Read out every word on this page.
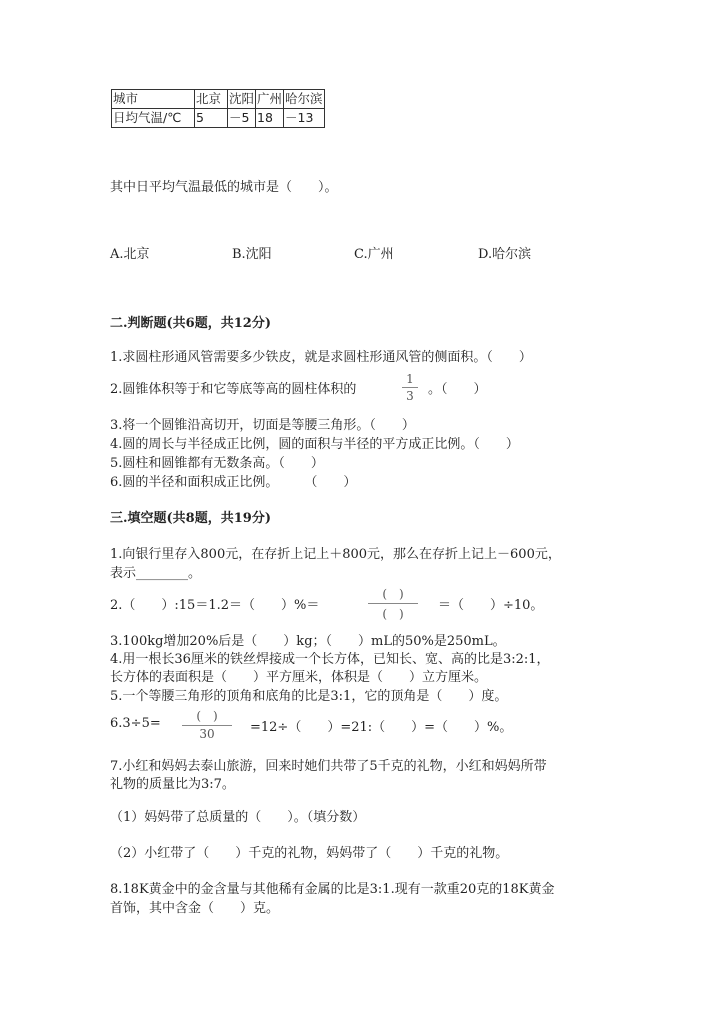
城市	北京	沈阳	广州	哈尔滨
日均气温/℃	5	－5	18	－13
其中日平均气温最低的城市是（　　）。
A.北京	B.沈阳	C.广州	D.哈尔滨
二.判断题(共6题，共12分)
1.求圆柱形通风管需要多少铁皮，就是求圆柱形通风管的侧面积。（　　）
2.圆锥体积等于和它等底等高的圆柱体积的
1
3	。（　　）
3.将一个圆锥沿高切开，切面是等腰三角形。（　　）
4.圆的周长与半径成正比例，圆的面积与半径的平方成正比例。（　　）
5.圆柱和圆锥都有无数条高。（　　）
6.圆的半径和面积成正比例。　　　（　　）
三.填空题(共8题，共19分)
1.向银行里存入800元，在存折上记上＋800元，那么在存折上记上－600元，
表示________。
2.（　　）:15＝1.2＝（　　）%＝
(　)
(　)
＝（　　）÷10。
3.100kg增加20%后是（　　）kg；（　　）mL的50%是250mL。
4.用一根长36厘米的铁丝焊接成一个长方体，已知长、宽、高的比是3:2:1，
长方体的表面积是（　　）平方厘米，体积是（　　）立方厘米。
5.一个等腰三角形的顶角和底角的比是3:1，它的顶角是（　　）度。
6.3÷5=	(　)
30	=12÷（　　）=21:（　　）=（　　）%。
7.小红和妈妈去泰山旅游，回来时她们共带了5千克的礼物，小红和妈妈所带
礼物的质量比为3:7。
（1）妈妈带了总质量的（　　）。（填分数）
（2）小红带了（　　）千克的礼物，妈妈带了（　　）千克的礼物。
8.18K黄金中的金含量与其他稀有金属的比是3:1.现有一款重20克的18K黄金
首饰，其中含金（　　）克。
